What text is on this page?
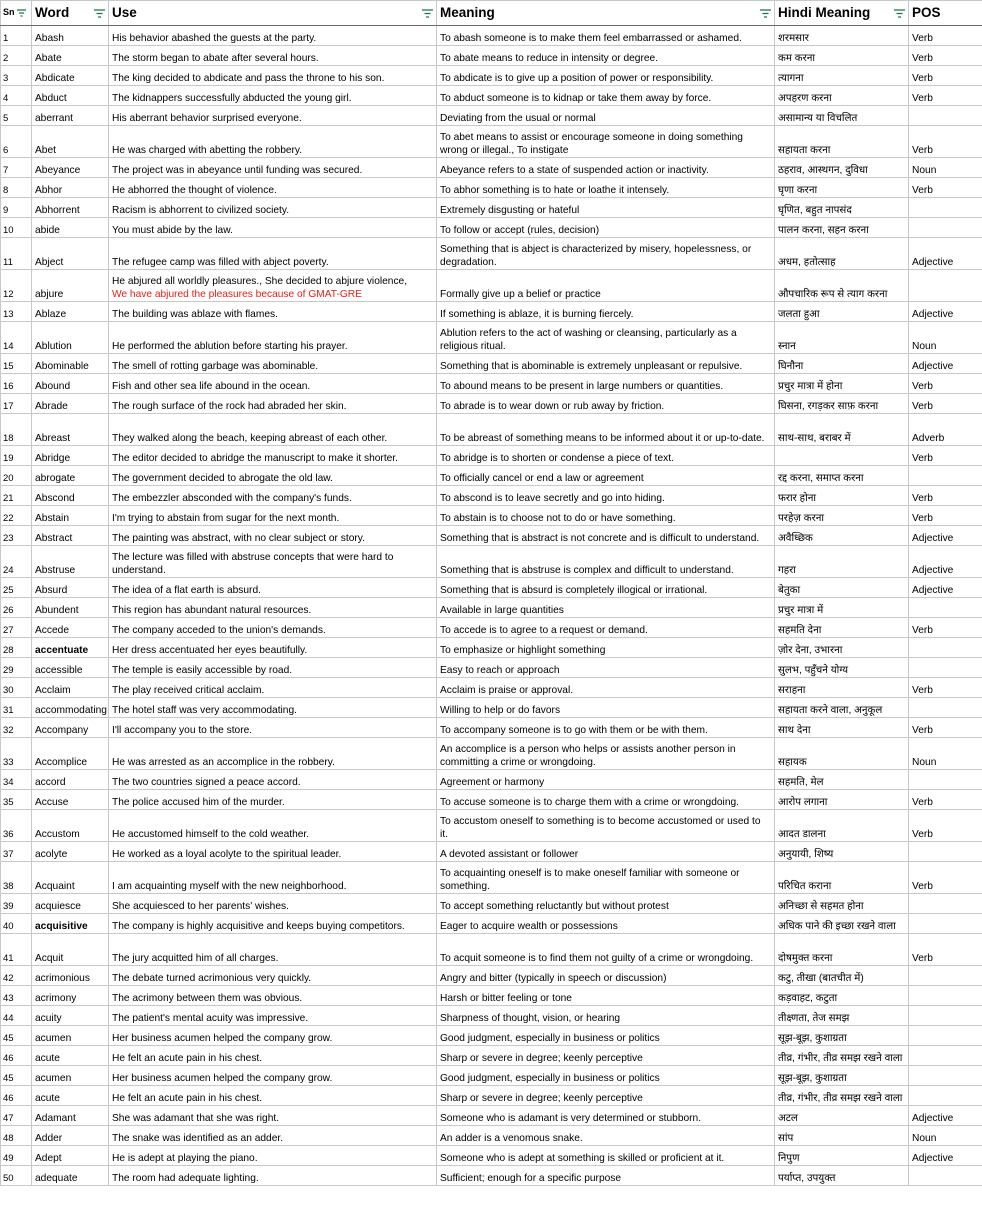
Sn	Word	Use	Meaning	Hindi Meaning	POS
1	Abash	His behavior abashed the guests at the party.	To abash someone is to make them feel embarrassed or ashamed.	शरमसार	Verb
2	Abate	The storm began to abate after several hours.	To abate means to reduce in intensity or degree.	कम करना	Verb
3	Abdicate	The king decided to abdicate and pass the throne to his son.	To abdicate is to give up a position of power or responsibility.	त्यागना	Verb
4	Abduct	The kidnappers successfully abducted the young girl.	To abduct someone is to kidnap or take them away by force.	अपहरण करना	Verb
5	aberrant	His aberrant behavior surprised everyone.	Deviating from the usual or normal	असामान्य या विचलित	
6	Abet	He was charged with abetting the robbery.	To abet means to assist or encourage someone in doing something wrong or illegal., To instigate	सहायता करना	Verb
7	Abeyance	The project was in abeyance until funding was secured.	Abeyance refers to a state of suspended action or inactivity.	ठहराव, आस्थगन, दुविधा	Noun
8	Abhor	He abhorred the thought of violence.	To abhor something is to hate or loathe it intensely.	घृणा करना	Verb
9	Abhorrent	Racism is abhorrent to civilized society.	Extremely disgusting or hateful	घृणित, बहुत नापसंद	
10	abide	You must abide by the law.	To follow or accept (rules, decision)	पालन करना, सहन करना	
11	Abject	The refugee camp was filled with abject poverty.	Something that is abject is characterized by misery, hopelessness, or degradation.	अधम, हतोत्साह	Adjective
12	abjure	He abjured all worldly pleasures., She decided to abjure violence,
We have abjured the pleasures because of GMAT-GRE	Formally give up a belief or practice	औपचारिक रूप से त्याग करना	
13	Ablaze	The building was ablaze with flames.	If something is ablaze, it is burning fiercely.	जलता हुआ	Adjective
14	Ablution	He performed the ablution before starting his prayer.	Ablution refers to the act of washing or cleansing, particularly as a religious ritual.	स्नान	Noun
15	Abominable	The smell of rotting garbage was abominable.	Something that is abominable is extremely unpleasant or repulsive.	घिनौना	Adjective
16	Abound	Fish and other sea life abound in the ocean.	To abound means to be present in large numbers or quantities.	प्रचुर मात्रा में होना	Verb
17	Abrade	The rough surface of the rock had abraded her skin.	To abrade is to wear down or rub away by friction.	घिसना, रगड़कर साफ़ करना	Verb
18	Abreast	They walked along the beach, keeping abreast of each other.	To be abreast of something means to be informed about it or up-to-date.	साथ-साथ, बराबर में	Adverb
19	Abridge	The editor decided to abridge the manuscript to make it shorter.	To abridge is to shorten or condense a piece of text.		Verb
20	abrogate	The government decided to abrogate the old law.	To officially cancel or end a law or agreement	रद्द करना, समाप्त करना	
21	Abscond	The embezzler absconded with the company's funds.	To abscond is to leave secretly and go into hiding.	फरार होना	Verb
22	Abstain	I'm trying to abstain from sugar for the next month.	To abstain is to choose not to do or have something.	परहेज़ करना	Verb
23	Abstract	The painting was abstract, with no clear subject or story.	Something that is abstract is not concrete and is difficult to understand.	अवैध्छिक	Adjective
24	Abstruse	The lecture was filled with abstruse concepts that were hard to understand.	Something that is abstruse is complex and difficult to understand.	गहरा	Adjective
25	Absurd	The idea of a flat earth is absurd.	Something that is absurd is completely illogical or irrational.	बेतुका	Adjective
26	Abundent	This region has abundant natural resources.	Available in large quantities	प्रचुर मात्रा में	
27	Accede	The company acceded to the union's demands.	To accede is to agree to a request or demand.	सहमति देना	Verb
28	accentuate	Her dress accentuated her eyes beautifully.	To emphasize or highlight something	ज़ोर देना, उभारना	
29	accessible	The temple is easily accessible by road.	Easy to reach or approach	सुलभ, पहुँचने योग्य	
30	Acclaim	The play received critical acclaim.	Acclaim is praise or approval.	सराहना	Verb
31	accommodating	The hotel staff was very accommodating.	Willing to help or do favors	सहायता करने वाला, अनुकूल	
32	Accompany	I'll accompany you to the store.	To accompany someone is to go with them or be with them.	साथ देना	Verb
33	Accomplice	He was arrested as an accomplice in the robbery.	An accomplice is a person who helps or assists another person in committing a crime or wrongdoing.	सहायक	Noun
34	accord	The two countries signed a peace accord.	Agreement or harmony	सहमति, मेल	
35	Accuse	The police accused him of the murder.	To accuse someone is to charge them with a crime or wrongdoing.	आरोप लगाना	Verb
36	Accustom	He accustomed himself to the cold weather.	To accustom oneself to something is to become accustomed or used to it.	आदत डालना	Verb
37	acolyte	He worked as a loyal acolyte to the spiritual leader.	A devoted assistant or follower	अनुयायी, शिष्य	
38	Acquaint	I am acquainting myself with the new neighborhood.	To acquainting oneself is to make oneself familiar with someone or something.	परिचित कराना	Verb
39	acquiesce	She acquiesced to her parents' wishes.	To accept something reluctantly but without protest	अनिच्छा से सहमत होना	
40	acquisitive	The company is highly acquisitive and keeps buying competitors.	Eager to acquire wealth or possessions	अधिक पाने की इच्छा रखने वाला	
41	Acquit	The jury acquitted him of all charges.	To acquit someone is to find them not guilty of a crime or wrongdoing.	दोषमुक्त करना	Verb
42	acrimonious	The debate turned acrimonious very quickly.	Angry and bitter (typically in speech or discussion)	कटु, तीखा (बातचीत में)	
43	acrimony	The acrimony between them was obvious.	Harsh or bitter feeling or tone	कड़वाहट, कटुता	
44	acuity	The patient's mental acuity was impressive.	Sharpness of thought, vision, or hearing	तीक्ष्णता, तेज समझ	
45	acumen	Her business acumen helped the company grow.	Good judgment, especially in business or politics	सूझ-बूझ, कुशाग्रता	
46	acute	He felt an acute pain in his chest.	Sharp or severe in degree; keenly perceptive	तीव्र, गंभीर, तीव्र समझ रखने वाला	
45	acumen	Her business acumen helped the company grow.	Good judgment, especially in business or politics	सूझ-बूझ, कुशाग्रता	
46	acute	He felt an acute pain in his chest.	Sharp or severe in degree; keenly perceptive	तीव्र, गंभीर, तीव्र समझ रखने वाला	
47	Adamant	She was adamant that she was right.	Someone who is adamant is very determined or stubborn.	अटल	Adjective
48	Adder	The snake was identified as an adder.	An adder is a venomous snake.	सांप	Noun
49	Adept	He is adept at playing the piano.	Someone who is adept at something is skilled or proficient at it.	निपुण	Adjective
50	adequate	The room had adequate lighting.	Sufficient; enough for a specific purpose	पर्याप्त, उपयुक्त	
